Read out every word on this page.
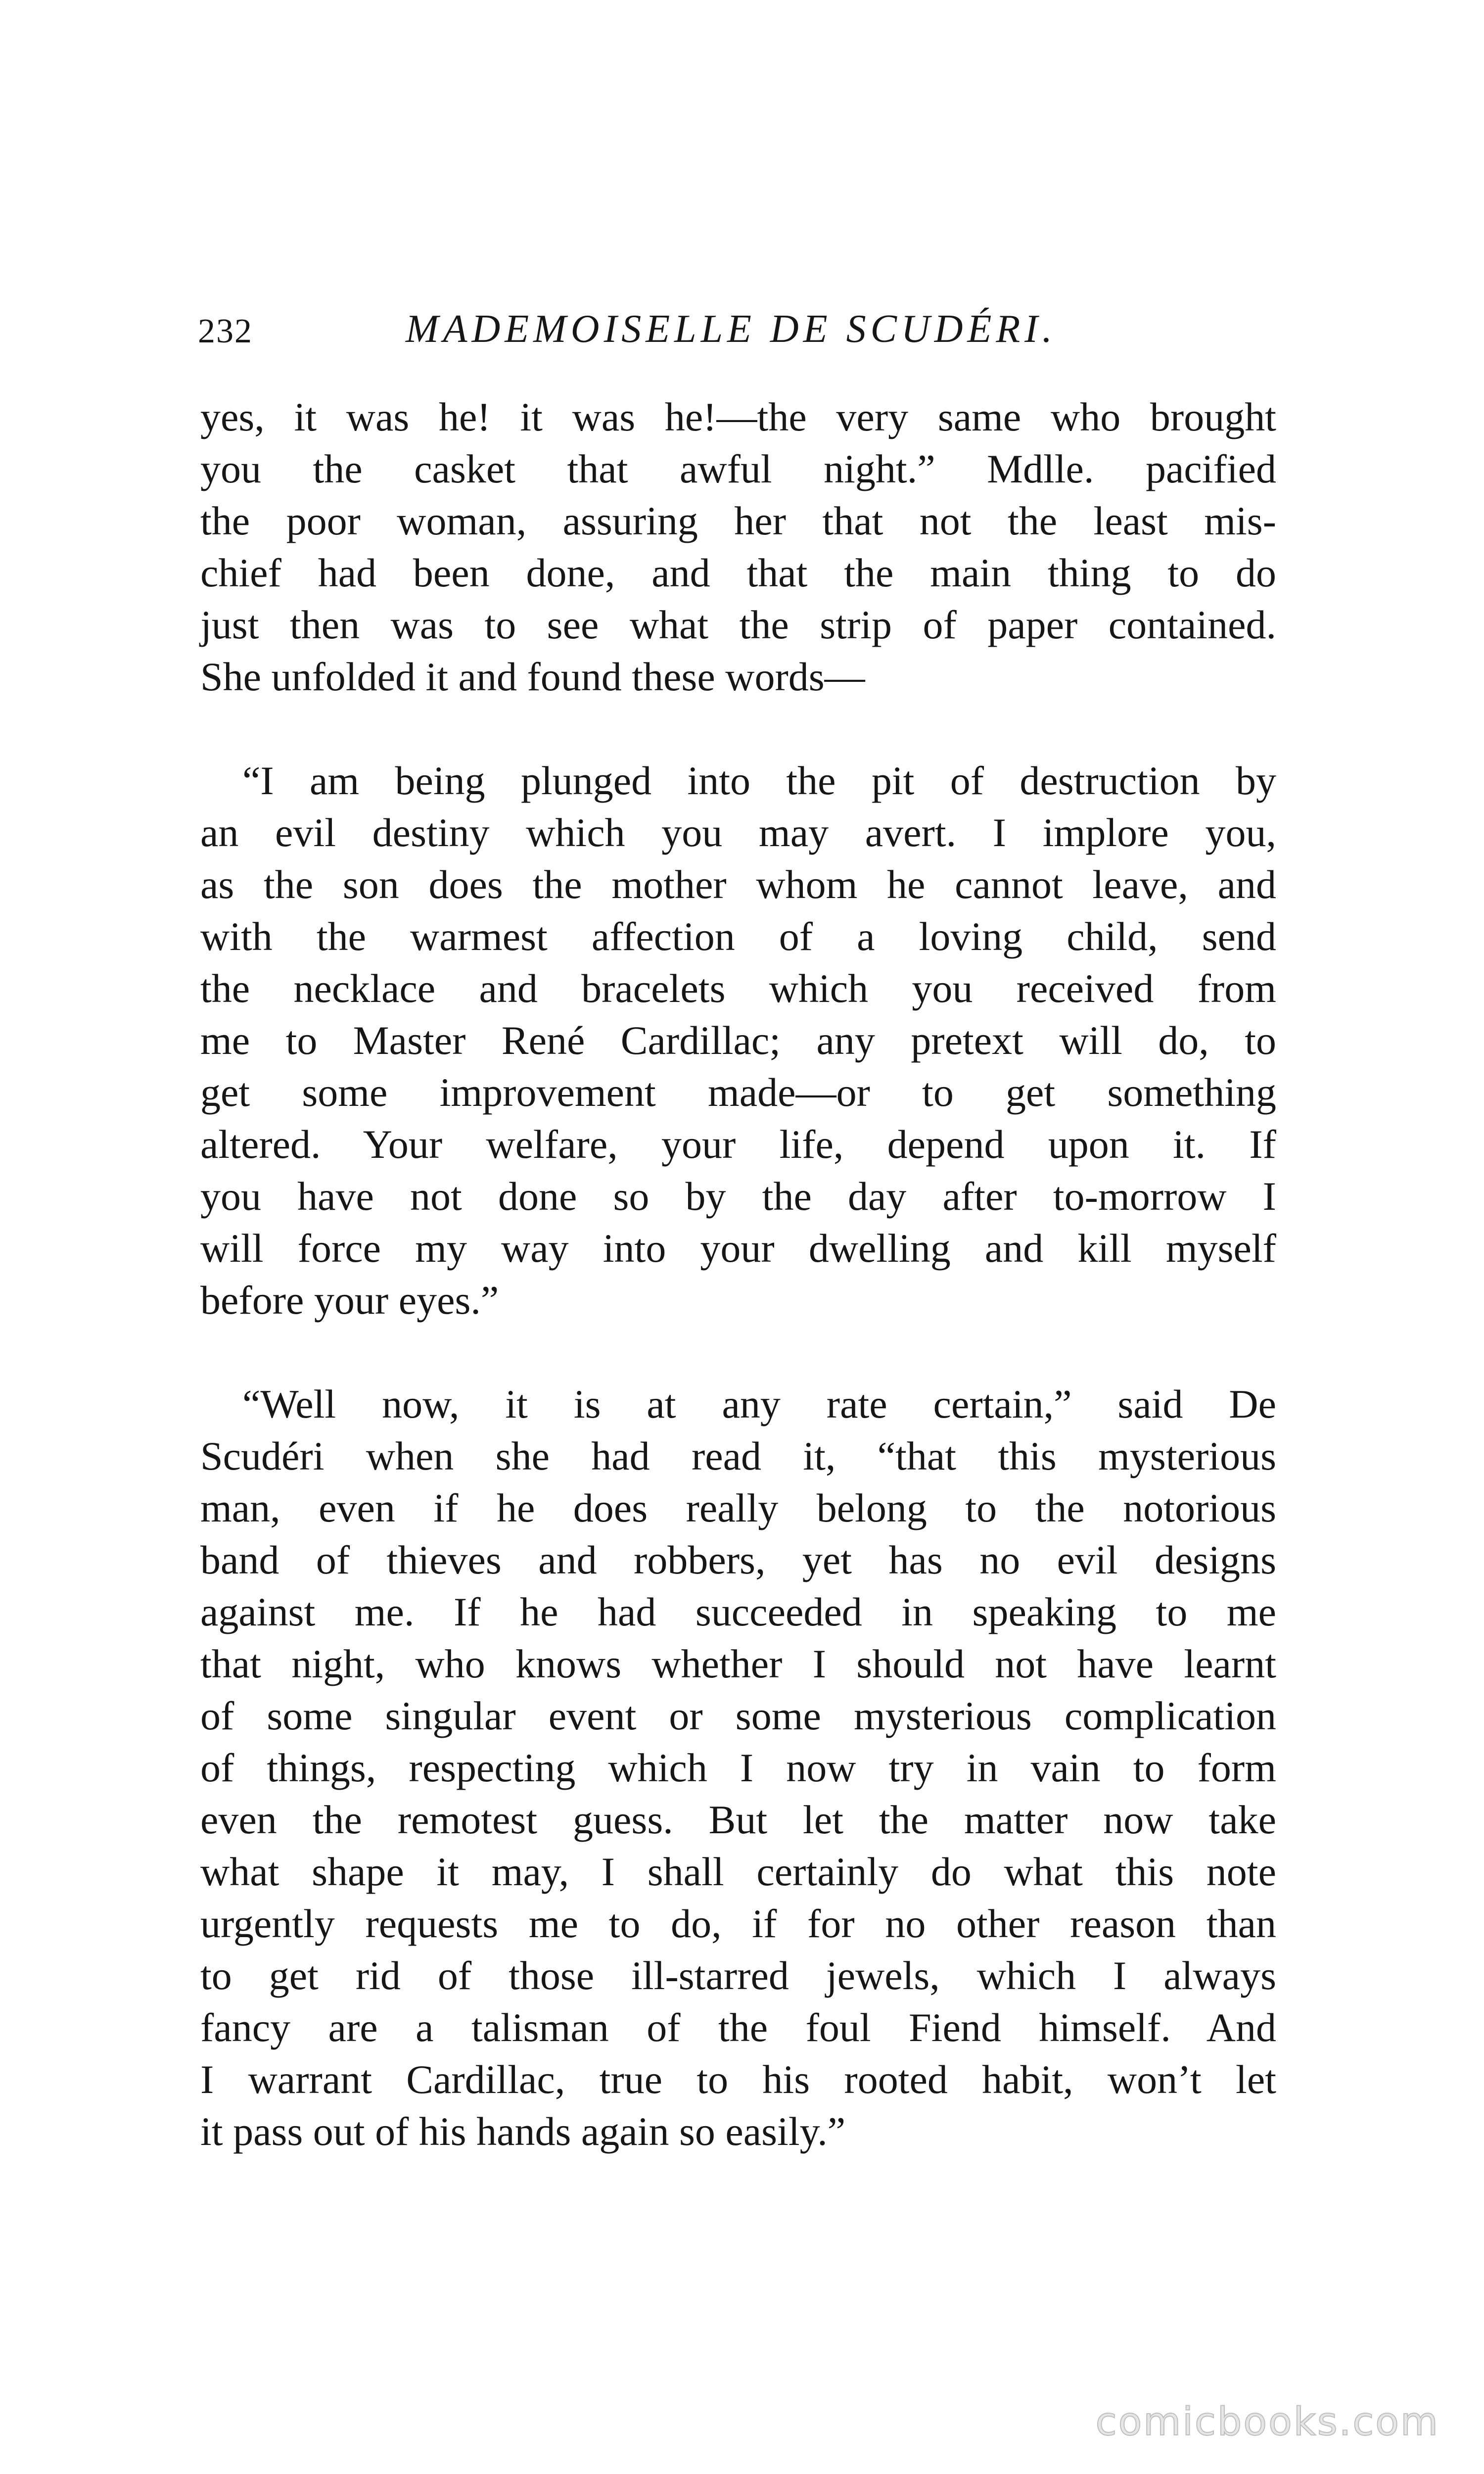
232	MADEMOISELLE DE SCUDÉRI.

yes, it was he! it was he!—the very same who brought
you the casket that awful night.” Mdlle. pacified
the poor woman, assuring her that not the least mis-
chief had been done, and that the main thing to do
just then was to see what the strip of paper contained.
She unfolded it and found these words—

“I am being plunged into the pit of destruction by
an evil destiny which you may avert. I implore you,
as the son does the mother whom he cannot leave, and
with the warmest affection of a loving child, send
the necklace and bracelets which you received from
me to Master René Cardillac; any pretext will do, to
get some improvement made—or to get something
altered. Your welfare, your life, depend upon it. If
you have not done so by the day after to-morrow I
will force my way into your dwelling and kill myself
before your eyes.”

“Well now, it is at any rate certain,” said De
Scudéri when she had read it, “that this mysterious
man, even if he does really belong to the notorious
band of thieves and robbers, yet has no evil designs
against me. If he had succeeded in speaking to me
that night, who knows whether I should not have learnt
of some singular event or some mysterious complication
of things, respecting which I now try in vain to form
even the remotest guess. But let the matter now take
what shape it may, I shall certainly do what this note
urgently requests me to do, if for no other reason than
to get rid of those ill-starred jewels, which I always
fancy are a talisman of the foul Fiend himself. And
I warrant Cardillac, true to his rooted habit, won’t let
it pass out of his hands again so easily.”

comicbooks.com
